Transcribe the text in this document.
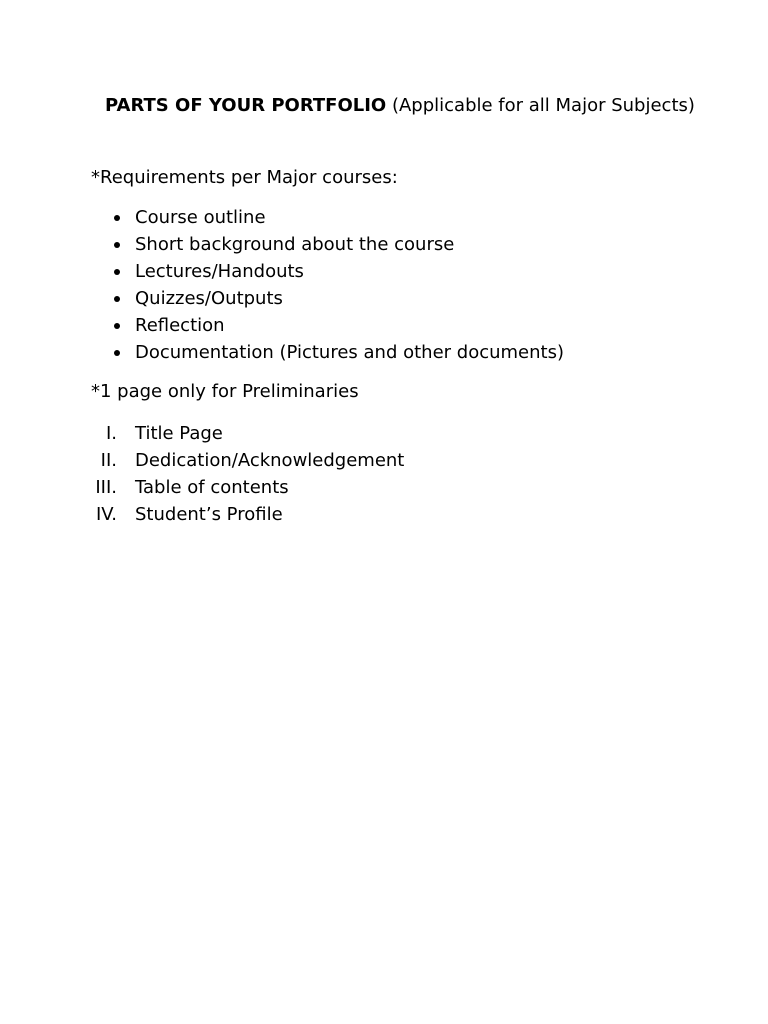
PARTS OF YOUR PORTFOLIO (Applicable for all Major Subjects)
*Requirements per Major courses:
Course outline
Short background about the course
Lectures/Handouts
Quizzes/Outputs
Reflection
Documentation (Pictures and other documents)
*1 page only for Preliminaries
I. Title Page
II. Dedication/Acknowledgement
III. Table of contents
IV. Student’s Profile
